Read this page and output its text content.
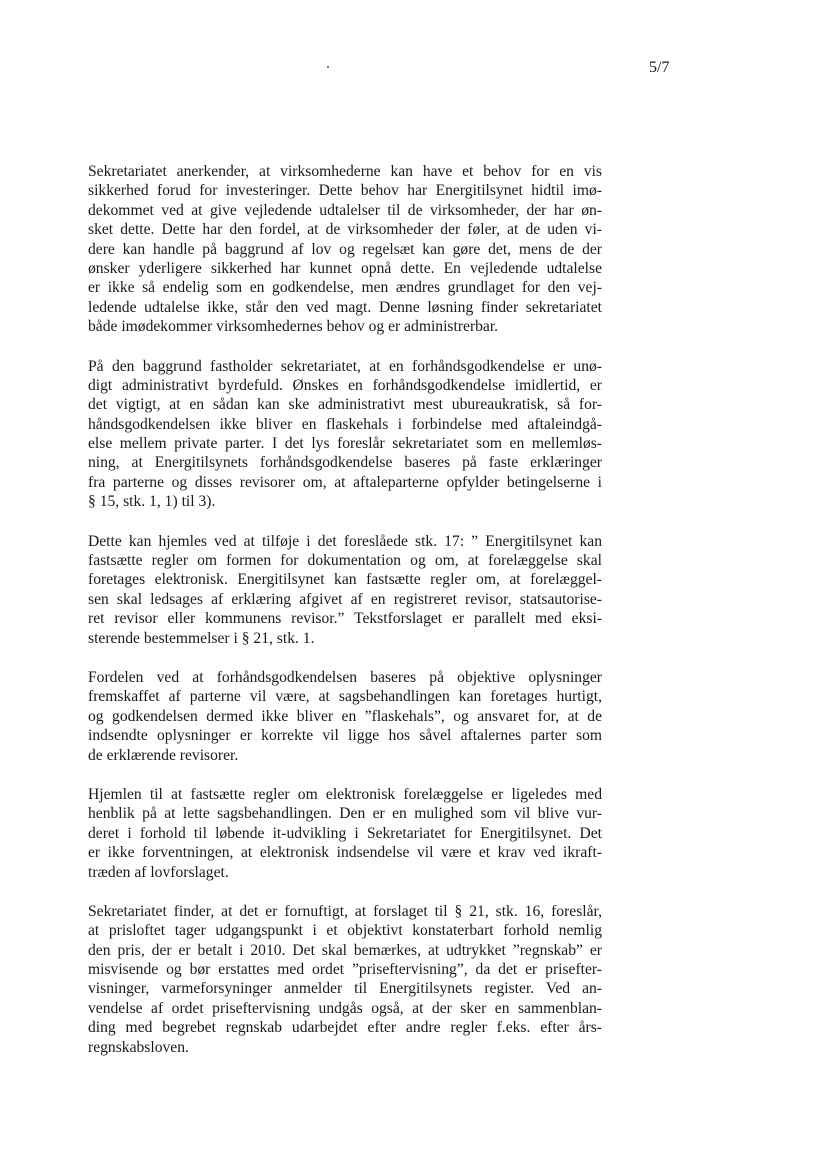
5/7
Sekretariatet anerkender, at virksomhederne kan have et behov for en vis
sikkerhed forud for investeringer. Dette behov har Energitilsynet hidtil imø-
dekommet ved at give vejledende udtalelser til de virksomheder, der har øn-
sket dette. Dette har den fordel, at de virksomheder der føler, at de uden vi-
dere kan handle på baggrund af lov og regelsæt kan gøre det, mens de der
ønsker yderligere sikkerhed har kunnet opnå dette. En vejledende udtalelse
er ikke så endelig som en godkendelse, men ændres grundlaget for den vej-
ledende udtalelse ikke, står den ved magt. Denne løsning finder sekretariatet
både imødekommer virksomhedernes behov og er administrerbar.
På den baggrund fastholder sekretariatet, at en forhåndsgodkendelse er unø-
digt administrativt byrdefuld. Ønskes en forhåndsgodkendelse imidlertid, er
det vigtigt, at en sådan kan ske administrativt mest ubureaukratisk, så for-
håndsgodkendelsen ikke bliver en flaskehals i forbindelse med aftaleindgå-
else mellem private parter. I det lys foreslår sekretariatet som en mellemløs-
ning, at Energitilsynets forhåndsgodkendelse baseres på faste erklæringer
fra parterne og disses revisorer om, at aftaleparterne opfylder betingelserne i
§ 15, stk. 1, 1) til 3).
Dette kan hjemles ved at tilføje i det foreslåede stk. 17: ” Energitilsynet kan
fastsætte regler om formen for dokumentation og om, at forelæggelse skal
foretages elektronisk. Energitilsynet kan fastsætte regler om, at forelæggel-
sen skal ledsages af erklæring afgivet af en registreret revisor, statsautorise-
ret revisor eller kommunens revisor.” Tekstforslaget er parallelt med eksi-
sterende bestemmelser i § 21, stk. 1.
Fordelen ved at forhåndsgodkendelsen baseres på objektive oplysninger
fremskaffet af parterne vil være, at sagsbehandlingen kan foretages hurtigt,
og godkendelsen dermed ikke bliver en ”flaskehals”, og ansvaret for, at de
indsendte oplysninger er korrekte vil ligge hos såvel aftalernes parter som
de erklærende revisorer.
Hjemlen til at fastsætte regler om elektronisk forelæggelse er ligeledes med
henblik på at lette sagsbehandlingen. Den er en mulighed som vil blive vur-
deret i forhold til løbende it-udvikling i Sekretariatet for Energitilsynet. Det
er ikke forventningen, at elektronisk indsendelse vil være et krav ved ikraft-
træden af lovforslaget.
Sekretariatet finder, at det er fornuftigt, at forslaget til § 21, stk. 16, foreslår,
at prisloftet tager udgangspunkt i et objektivt konstaterbart forhold nemlig
den pris, der er betalt i 2010. Det skal bemærkes, at udtrykket ”regnskab” er
misvisende og bør erstattes med ordet ”priseftervisning”, da det er prisefter-
visninger, varmeforsyninger anmelder til Energitilsynets register. Ved an-
vendelse af ordet priseftervisning undgås også, at der sker en sammenblan-
ding med begrebet regnskab udarbejdet efter andre regler f.eks. efter års-
regnskabsloven.
